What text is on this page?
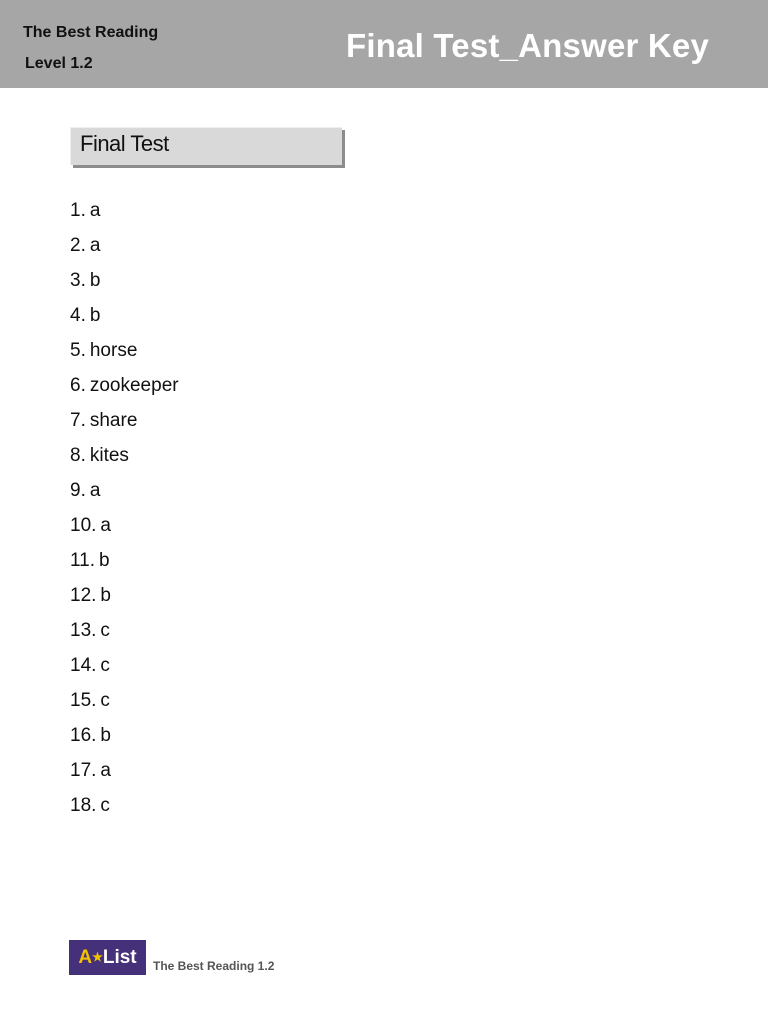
The Best Reading
Level 1.2	Final Test_Answer Key
Final Test
1. a
2. a
3. b
4. b
5. horse
6. zookeeper
7. share
8. kites
9. a
10. a
11. b
12. b
13. c
14. c
15. c
16. b
17. a
18. c
A★List	The Best Reading 1.2
